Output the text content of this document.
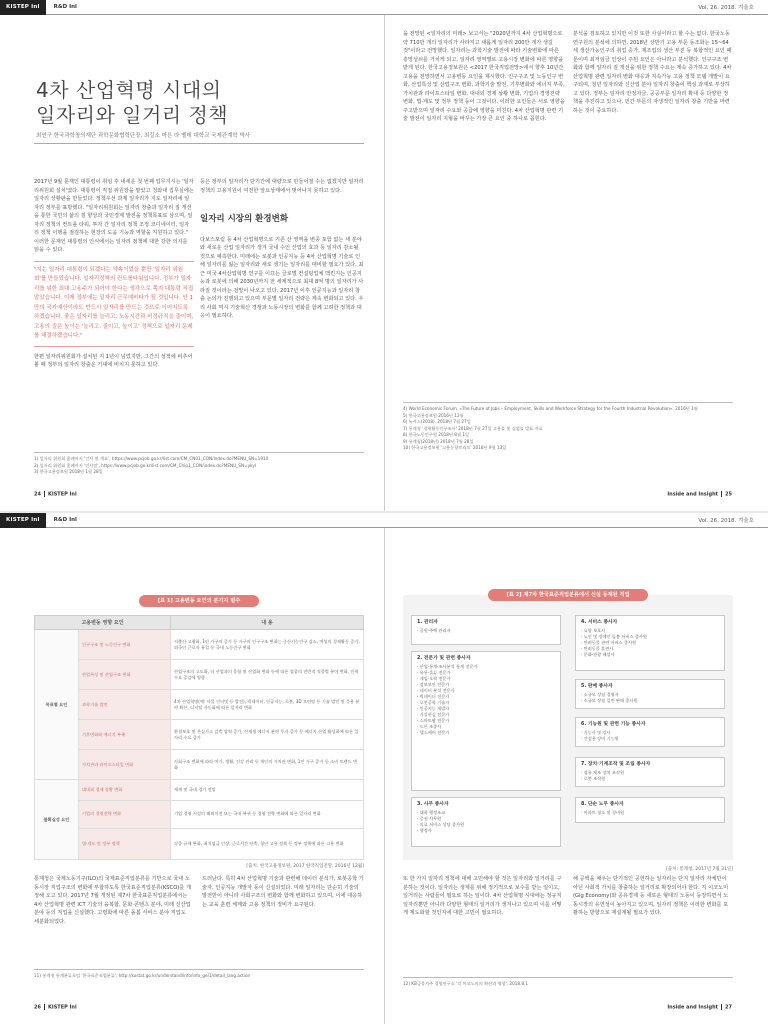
KISTEP Inl	R&D Inl	Vol. 26. 2018. 겨울호
4차 산업혁명 시대의
일자리와 일거리 정책
최연구 한국과학창의재단 과학문화협력단장, 최길소 마른 라 벨레 대학교 국제관계학 박사

2017년 9월 문재인 대통령이 취임 후 내세운 첫 번째 업무지시는 '일자리위원회 설치'였다. 대통령이 직접 위원장을 맡았고 청와대 집무실에는 일자리 상황판을 만들었다. 정책우선 과제 일자리가 지도 일자리에 일자리 정부를 표방했다. "일자리위원회는 일자리 창출과 일자리 질 개선을 통한 국민의 삶의 질 향상과 국민경제 발전을 정책목표로 삼으며, 일자리 정책의 컨트롤 타워, 투자 간 일자리 정책 조정 코디네이터, 일자리 정책 이행을 점검하는 현장의 도움 기능과 역할을 지원하고 있다." 이러한 문재인 대통령의 인식에서는 일자리 정책에 대한 강한 의지를 읽을 수 있다.

"지는 일자리 대통령이 되겠다는 약속이었을 뿐만 '일자리 위원회'를 만들었습니다. 일자리정책의 컨트롤타워입니다. 정부가 일자리를 위한 최대 고용주가 되어야 한다는 생각으로 쪽지 대통령 직접 맡았습니다. 이제 정부에는 일자리 근무예비타가 될 것입니다. 안 1만의 국가예산이라도 반드시 일자리를 만드는 것으로 이어지도록 하겠습니다. 좋은 일자리를 늘리고, 노동시간과 비정규직을 줄이며, 고용의 질은 높이는 '늘리고, 줄이고, 높이고' 정책으로 일자리 문제를 해결하겠습니다."

한편 일자리위원회가 설치된 지 1년이 넘었지만, 그간의 성적에 비추어 볼 때 정부의 일자리 창출은 기대에 비치지 못하고 있다.

1) 일자리 위원회 홈페이지 '인사 및 개요', https://www.pcjob.go.kr/list.com/CM_CN01_CON/index.do?MENU_SN=1910
2) 일자리 위원회 홈페이지 '인사말', https://www.pcjob.go.kr/list.com/CM_Chip1_CON/index.do?MENU_SN=ykyl
3) 한국고용정보원 2018년 1월 28일

등은 정부의 일자리가 단기간에 대량으로 만들어질 수는 없겠지만 일자리 정책의 고용지원이 여전한 앞요상태에서 벗어나지 못하고 있다.

일자리 시장의 환경변화

다보스포럼 등 4차 산업혁명으로 기존 산 영역을 변종 포함 없는 새 분야와 새로운 산업 일자리가 생겨 국내 수인 산업의 효과 등 일자리 감소될 것으로 예측한다. 미래에는 로봇과 인공지능 등 4차 산업혁명 기술로 인해 일자리를 잃는 일자리와 새로 생기는 일자리를 대비할 필요가 있다. 최근 미국 4차산업혁명 연구를 이끄는 글로벌 컨설팅업체 맥킨지는 인공지능과 로봇에 의해 2030년까지 전 세계적으로 최대 8억 명의 일자리가 사라질 것이라는 전망이 나오고 있다. 2017년 이후 인공지능과 일자리 창출 논의가 진행되고 있으며 부문별 일자리 전략은 계속 변화되고 있다. 우리 사회 역시 기술혁신 경쟁과 노동시장의 변화를 함께 고려한 정책과 대응이 필요하다.

을 전망된 <일자리의 미래> 보고서는 "2020년까지 4차 산업혁명으로 약 710만 개의 일자리가 사라지고 새롭게 일자리 200만 개가 생길 것"이라고 전망했다. 일자리는 과학기술 발전에 따라 기술변화에 따른 흥망성쇠를 거치게 되고, 일자리 영역별로 고용시장 변화에 따른 영향을 받게 된다. 한국고용정보원은 <2017 한국직업전망>에서 향후 10년간 고용을 전망하면서 고용변동 요인을 제시했다. 인구구조 및 노동인구 변화, 산업특성 및 산업구조 변화, 과학기술 발전, 기후변화와 에너지 부족, 가치관과 라이프스타일 변화, 대내외 경제 상황 변화, 기업의 경영전략 변화, 법·제도 및 정부 정책 등이 그것이다. 이러한 요인들은 서로 영향을 주고받으며 일자리 수요와 공급에 영향을 미친다. 4차 산업혁명 관련 기술 발전이 일자리 지형을 바꾸는 가장 큰 요인 중 하나로 꼽힌다.

분석을 검토하고 있지만 이것 또한 사실이라고 할 수는 없다. 한국노동연구원의 분석에 의하면, 2018년 상반기 고용 부문 동조화는 15~64세 생산가능인구의 취업 증가, 제조업의 생산 부진 등 복합적인 요인 때문이며 최저임금 인상이 주된 요인은 아니라고 분석했다. 인구구조 변화와 함께 일자리 질 개선을 위한 정책 수요는 계속 증가하고 있다. 4차 산업혁명 관련 일자리 변화 대응과 지속가능 고용 정책 모델 개발이 요구되며, 청년 일자리와 신산업 분야 일자리 창출이 핵심 과제로 부상하고 있다. 정부는 일자리 안정자금, 공공부문 일자리 확대 등 다양한 정책을 추진하고 있으나, 민간 부문의 자생적인 일자리 창출 기반을 마련하는 것이 중요하다.

4) World Economic Forum. «The Future of Jobs – Employment, Skills and Workforce Strategy for the Fourth Industrial Revolution». 2016년 1월
5) 한국고용정보원 2016년 12월
6) 뉴시스(2018). 2018년 7월 27일
7) 통계청 '경제활동인구조사' 2018년 7월 27일 고용률 및 실업률 발표 자료
8) 한국노동연구원 2018년 8월 1일
9) 통계청(2018년) 2018년 7월 28일
10) 한국고용정보원 '고용동향브리프' 2018년 9월 13일
24 KISTEP Inl	Inside and Insight 25
KISTEP Inl	R&D Inl	Vol. 26. 2018. 겨울호
[표 1] 고용변동 요인의 분기지 범주
고용변동 영향 요인		내 용
목표별 요인	인구구조 및 노동인구 변화	저출산·고령화, 1인 가구의 증가 등 가구의 인구구조 변화는 중산가능인구 감소, 여성의 경제활동 증가, 외국인 근로자 유입 등 국내 노동인구 변화
	산업특성 및 산업구조 변화	산업구조의 고도화, 타 산업과의 융합 및 산업화 변화 등에 따른 업종의 전반적 직종별 분야 변화, 인력수요 증감에 영향
	과학기술 발전	4차 산업혁명(예: 사물 인터넷 등 발전), 빅데이터, 인공지능, 로봇, 3D 프린팅 등 기술 발전 및 응용 분야 확산, 디지털 자동화에 따른 일자리 변화
	기후변화와 에너지 부족	환경보호 및 온실가스 감축 압력 증가, 신재생 에너지 분야 투자 증가 등 에너지 산업 활성화에 따른 일자리 수요 증가
	가치관과 라이프스타일 변화	사회구조 변화에 따라 여가, 생활, 건강 관리 등 개인의 가치관 변화, 1인 가구 증가 등 소비 트렌드 변화
불확실성 요인	대내외 경제 상황 변화	세계 및 국내 경기 전망
	기업의 경영전략 변화	기업 경영 시설의 해외이전 또는 국내 복귀 등 경영 전략 변화에 따른 일자리 변화
	법·제도 및 정부 정책	각종 규제 완화, 최저임금 인상, 근로시간 단축, 청년 고용 정책 등 정부 정책에 따른 고용 변화
[출처: 한국고용정보원, 2017 한국직업전망, 2016년 12월]

통계청은 국제노동기구(ILO)의 국제표준직업분류를 기반으로 국내 노동시장 직업구조의 변화에 부합하도록 한국표준직업분류(KSCO)를 개정해 오고 있다. 2017년 7월 개정된 제7차 한국표준직업분류에서는 4차 산업혁명 관련 ICT 기술의 융복합, 문화·콘텐츠 분야, 미래 신산업 분야 등의 직업을 신설했다. 고령화에 따른 돌봄 서비스 분야 직업도 세분화되었다.

드러난다. 특히 4차 산업혁명 기술과 관련해 데이터 분석가, 로봇공학 기술자, 인공지능 개발자 등이 신설되었다. 미래 일자리는 단순히 기술의 발전만이 아니라 사회구조의 변화와 함께 변화하고 있으며, 이에 대응하는 교육 훈련 체계와 고용 정책의 정비가 요구된다.

11) 통계청 통계분류포털 '한국표준직업분류', http://kostat.go.kr/understand/info/info_ge/1/detail_lang.action
[표 2] 제7차 한국표준직업분류에서 신설 등재된 직업
1. 관리자
· 공원·주택 관리자
2. 전문가 및 관련 종사자
· 산업·통계·조사분석 통계 전문가
· 유통·물류 전문가
· 게임·오락 전문가
· 정보보안 전문가
· 데이터 분석 전문가
· 빅데이터 전문가
· 로봇공학 기술자
· 인공지능 개발자
· 가상현실 전문가
· 스마트팜 전문가
· 드론 조종사
· 헬스케어 전문가
3. 사무 종사자
· 대학 행정조교
· 증권 사무원
· 의료 서비스 상담 종사원
· 행정사
4. 서비스 종사자
· 요양 보호사
· 노인 및 장애인 돌봄 서비스 종사원
· 반려동물 관련 서비스 종사원
· 반려동물 훈련사
· 문화·관광 해설사
5. 판매 종사자
· 소규모 상점 경영자
· 소규모 상점 일반 판매 종사원
6. 기능원 및 관련 기능 종사자
· 기능사 및 강사
· 건설용 장비 기능원
7. 장치·기계조작 및 조립 종사자
· 섬유 제조 장치 조작원
· 로봇 조작원
8. 단순 노무 종사자
· 아파트 청소 및 경비원
[출처: 통계청, 2017년 7월 31일]

또 한 가지 일자리 정책에 대해 고민해야 할 것은 일자리와 일거리를 구분하는 것이다. 일자리는 생계를 위해 정기적으로 보수를 받는 일이고, 일거리는 사람들이 필요로 하는 일이다. 4차 산업혁명 시대에는 정규직 일자리뿐만 아니라 다양한 형태의 일거리가 생겨나고 있으며 이를 어떻게 제도화할 것인지에 대한 고민이 필요하다.

해 공백을 채우는 단기적인 공헌하는 일자리는 단지 일자리 자체만이 아닌 사회적 가치를 창출하는 일거리로 확장되어야 한다. 긱 이코노미(Gig Economy)와 공유경제 등 새로운 형태의 노동이 등장하면서 노동시장의 유연성이 높아지고 있으며, 일자리 정책은 이러한 변화를 포괄하는 방향으로 재설계될 필요가 있다.

12) KB금융지주 경영연구소 '긱 이코노미의 확산과 영향', 2018.8.1
26 KISTEP Inl	Inside and Insight 27
